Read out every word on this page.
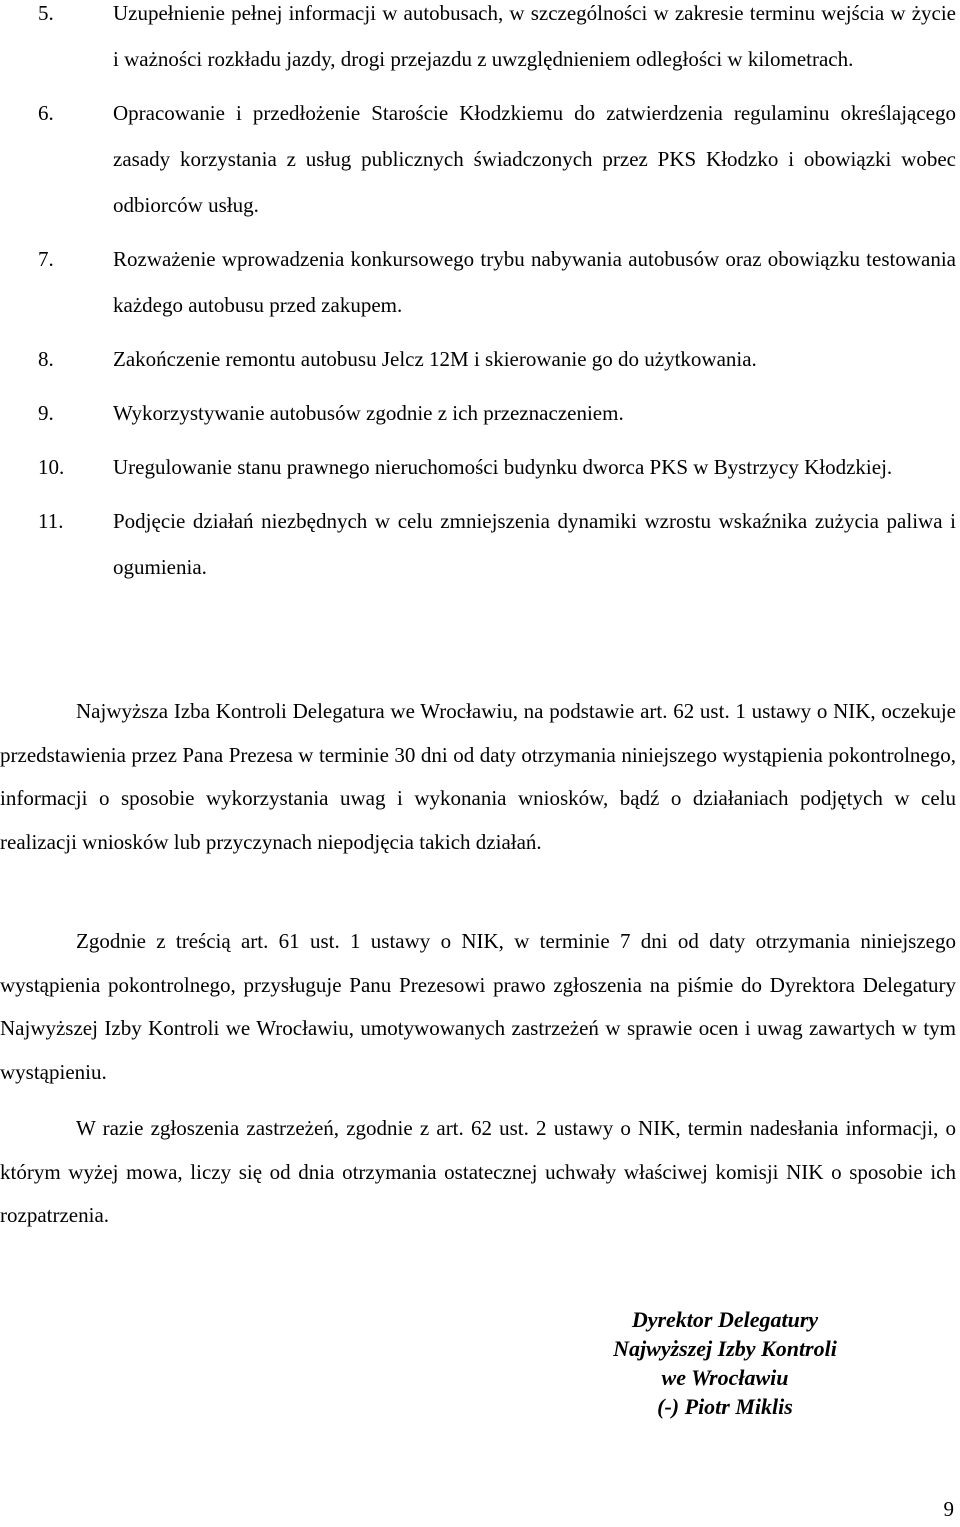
5.	Uzupełnienie pełnej informacji w autobusach, w szczególności w zakresie terminu wejścia w życie i ważności rozkładu jazdy, drogi przejazdu z uwzględnieniem odległości w kilometrach.
6.	Opracowanie i przedłożenie Staroście Kłodzkiemu do zatwierdzenia regulaminu określającego zasady korzystania z usług publicznych świadczonych przez PKS Kłodzko i obowiązki wobec odbiorców usług.
7.	Rozważenie wprowadzenia konkursowego trybu nabywania autobusów oraz obowiązku testowania każdego autobusu przed zakupem.
8.	Zakończenie remontu autobusu Jelcz 12M i skierowanie go do użytkowania.
9.	Wykorzystywanie autobusów zgodnie z ich przeznaczeniem.
10. Uregulowanie stanu prawnego nieruchomości budynku dworca PKS w Bystrzycy Kłodzkiej.
11. Podjęcie działań niezbędnych w celu zmniejszenia dynamiki wzrostu wskaźnika zużycia paliwa i ogumienia.

Najwyższa Izba Kontroli Delegatura we Wrocławiu, na podstawie art. 62 ust. 1 ustawy o NIK, oczekuje przedstawienia przez Pana Prezesa w terminie 30 dni od daty otrzymania niniejszego wystąpienia pokontrolnego, informacji o sposobie wykorzystania uwag i wykonania wniosków, bądź o działaniach podjętych w celu realizacji wniosków lub przyczynach niepodjęcia takich działań.

Zgodnie z treścią art. 61 ust. 1 ustawy o NIK, w terminie 7 dni od daty otrzymania niniejszego wystąpienia pokontrolnego, przysługuje Panu Prezesowi prawo zgłoszenia na piśmie do Dyrektora Delegatury Najwyższej Izby Kontroli we Wrocławiu, umotywowanych zastrzeżeń w sprawie ocen i uwag zawartych w tym wystąpieniu.

W razie zgłoszenia zastrzeżeń, zgodnie z art. 62 ust. 2 ustawy o NIK, termin nadesłania informacji, o którym wyżej mowa, liczy się od dnia otrzymania ostatecznej uchwały właściwej komisji NIK o sposobie ich rozpatrzenia.

Dyrektor Delegatury
Najwyższej Izby Kontroli
we Wrocławiu
(-) Piotr Miklis
9
